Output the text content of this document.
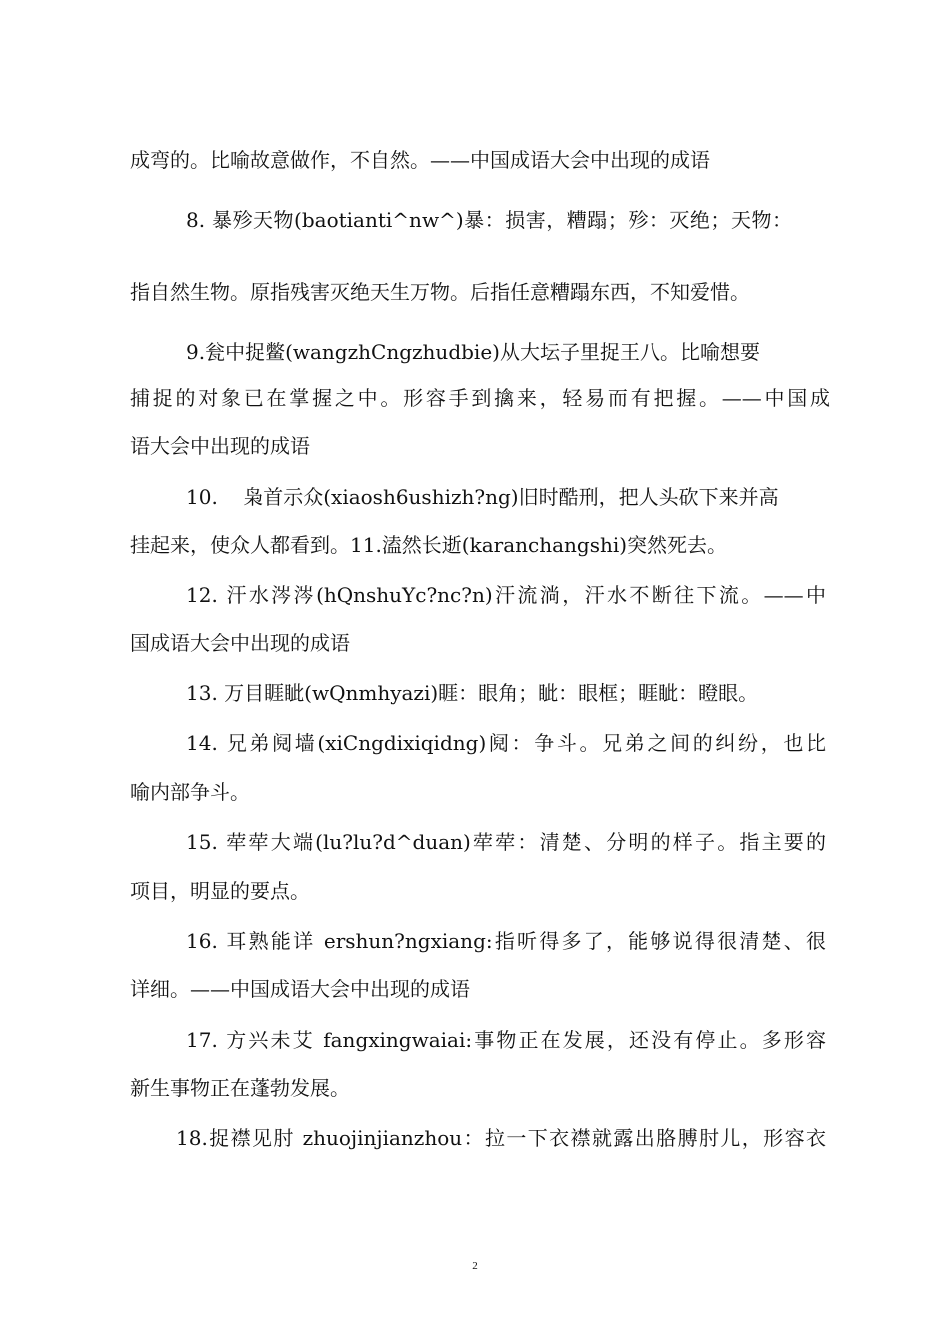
成弯的。比喻故意做作，不自然。——中国成语大会中出现的成语
8. 暴殄天物(baotianti^nw^)暴：损害，糟蹋；殄：灭绝；天物：
指自然生物。原指残害灭绝天生万物。后指任意糟蹋东西，不知爱惜。
9.瓮中捉鳖(wangzhCngzhudbie)从大坛子里捉王八。比喻想要
捕捉的对象已在掌握之中。形容手到擒来，轻易而有把握。——中国成
语大会中出现的成语
10.    枭首示众(xiaosh6ushizh?ng)旧时酷刑，把人头砍下来并高
挂起来，使众人都看到。11.溘然长逝(karanchangshi)突然死去。
12. 汗水涔涔(hQnshuYc?nc?n)汗流淌，汗水不断往下流。——中
国成语大会中出现的成语
13. 万目睚眦(wQnmhyazi)睚：眼角；眦：眼框；睚眦：瞪眼。
14. 兄弟阋墙(xiCngdixiqidng)阋：争斗。兄弟之间的纠纷，也比
喻内部争斗。
15. 荦荦大端(lu?lu?d^duan)荦荦：清楚、分明的样子。指主要的
项目，明显的要点。
16. 耳熟能详 ershun?ngxiang:指听得多了，能够说得很清楚、很
详细。——中国成语大会中出现的成语
17. 方兴未艾 fangxingwaiai:事物正在发展，还没有停止。多形容
新生事物正在蓬勃发展。
18.捉襟见肘 zhuojinjianzhou：拉一下衣襟就露出胳膊肘儿，形容衣
2
